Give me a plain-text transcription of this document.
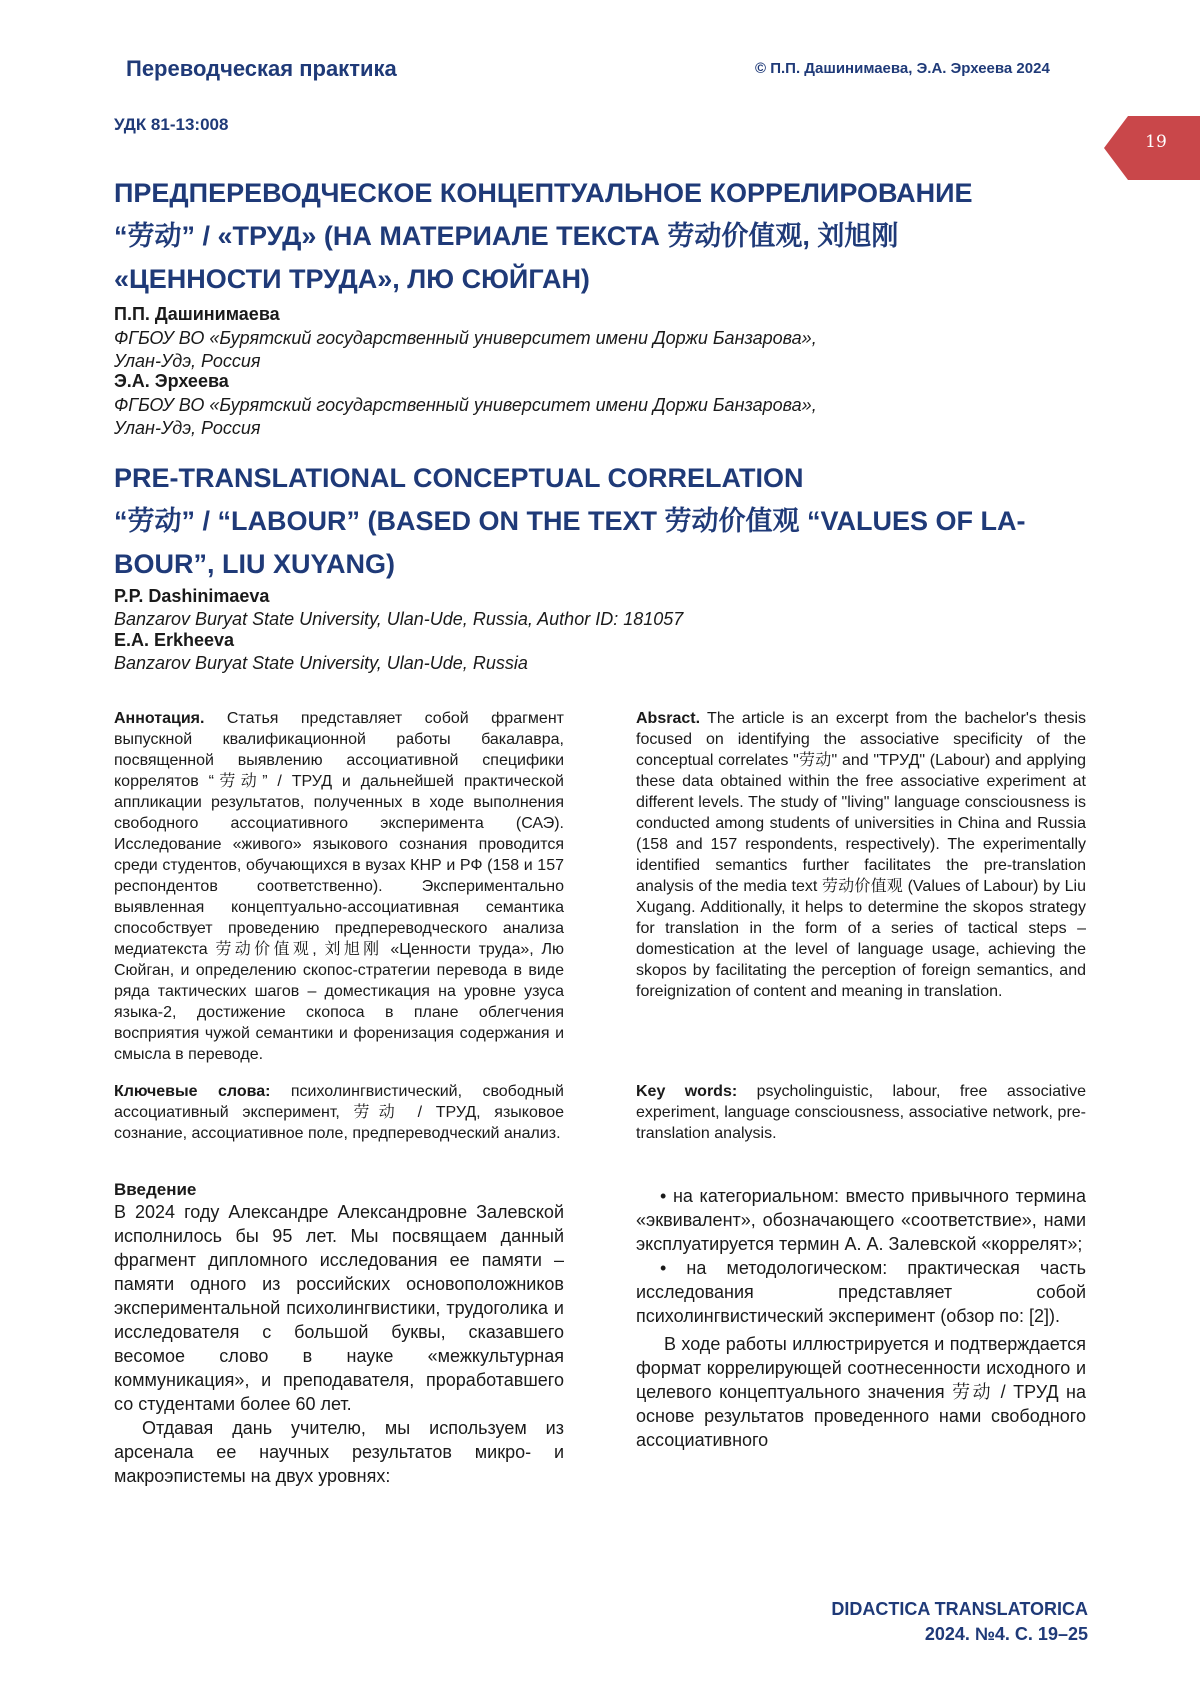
Переводческая практика	© П.П. Дашинимаева, Э.А. Эрхеева 2024
19
УДК 81-13:008
ПРЕДПЕРЕВОДЧЕСКОЕ КОНЦЕПТУАЛЬНОЕ КОРРЕЛИРОВАНИЕ
“劳动” / «ТРУД» (НА МАТЕРИАЛЕ ТЕКСТА 劳动价值观, 刘旭刚
«ЦЕННОСТИ ТРУДА», ЛЮ СЮЙГАН)
П.П. Дашинимаева
ФГБОУ ВО «Бурятский государственный университет имени Доржи Банзарова»,
Улан-Удэ, Россия
Э.А. Эрхеева
ФГБОУ ВО «Бурятский государственный университет имени Доржи Банзарова»,
Улан-Удэ, Россия
PRE-TRANSLATIONAL CONCEPTUAL CORRELATION
“劳动” / “LABOUR” (BASED ON THE TEXT 劳动价值观 “VALUES OF LA-
BOUR”, LIU XUYANG)
P.P. Dashinimaeva
Banzarov Buryat State University, Ulan-Ude, Russia, Author ID: 181057
E.A. Erkheeva
Banzarov Buryat State University, Ulan-Ude, Russia
Аннотация. Статья представляет собой фрагмент выпускной квалификационной работы бакалавра, посвященной выявлению ассоциативной специфики коррелятов “劳动” / ТРУД и дальнейшей практической аппликации результатов, полученных в ходе выполнения свободного ассоциативного эксперимента (САЭ). Исследование «живого» языкового сознания проводится среди студентов, обучающихся в вузах КНР и РФ (158 и 157 респондентов соответственно). Экспериментально выявленная концептуально-ассоциативная семантика способствует проведению предпереводческого анализа медиатекста 劳动价值观, 刘旭刚 «Ценности труда», Лю Сюйган, и определению скопос-стратегии перевода в виде ряда тактических шагов – доместикация на уровне узуса языка-2, достижение скопоса в плане облегчения восприятия чужой семантики и форенизация содержания и смысла в переводе.
Absract. The article is an excerpt from the bachelor's thesis focused on identifying the associative specificity of the conceptual correlates "劳动" and "ТРУД" (Labour) and applying these data obtained within the free associative experiment at different levels. The study of "living" language consciousness is conducted among students of universities in China and Russia (158 and 157 respondents, respectively). The experimentally identified semantics further facilitates the pre-translation analysis of the media text 劳动价值观 (Values of Labour) by Liu Xugang. Additionally, it helps to determine the skopos strategy for translation in the form of a series of tactical steps – domestication at the level of language usage, achieving the skopos by facilitating the perception of foreign semantics, and foreignization of content and meaning in translation.
Ключевые слова: психолингвистический, свободный ассоциативный эксперимент, 劳动 / ТРУД, языковое сознание, ассоциативное поле, предпереводческий анализ.
Key words: psycholinguistic, labour, free associative experiment, language consciousness, associative network, pre-translation analysis.
Введение
В 2024 году Александре Александровне Залевской исполнилось бы 95 лет. Мы посвящаем данный фрагмент дипломного исследования ее памяти – памяти одного из российских основоположников экспериментальной психолингвистики, трудоголика и исследователя с большой буквы, сказавшего весомое слово в науке «межкультурная коммуникация», и преподавателя, проработавшего со студентами более 60 лет.
Отдавая дань учителю, мы используем из арсенала ее научных результатов микро- и макроэпистемы на двух уровнях:
• на категориальном: вместо привычного термина «эквивалент», обозначающего «соответствие», нами эксплуатируется термин А. А. Залевской «коррелят»;
• на методологическом: практическая часть исследования представляет собой психолингвистический эксперимент (обзор по: [2]).
В ходе работы иллюстрируется и подтверждается формат коррелирующей соотнесенности исходного и целевого концептуального значения 劳动 / ТРУД на основе результатов проведенного нами свободного ассоциативного
DIDACTICA TRANSLATORICA
2024. №4. С. 19–25
